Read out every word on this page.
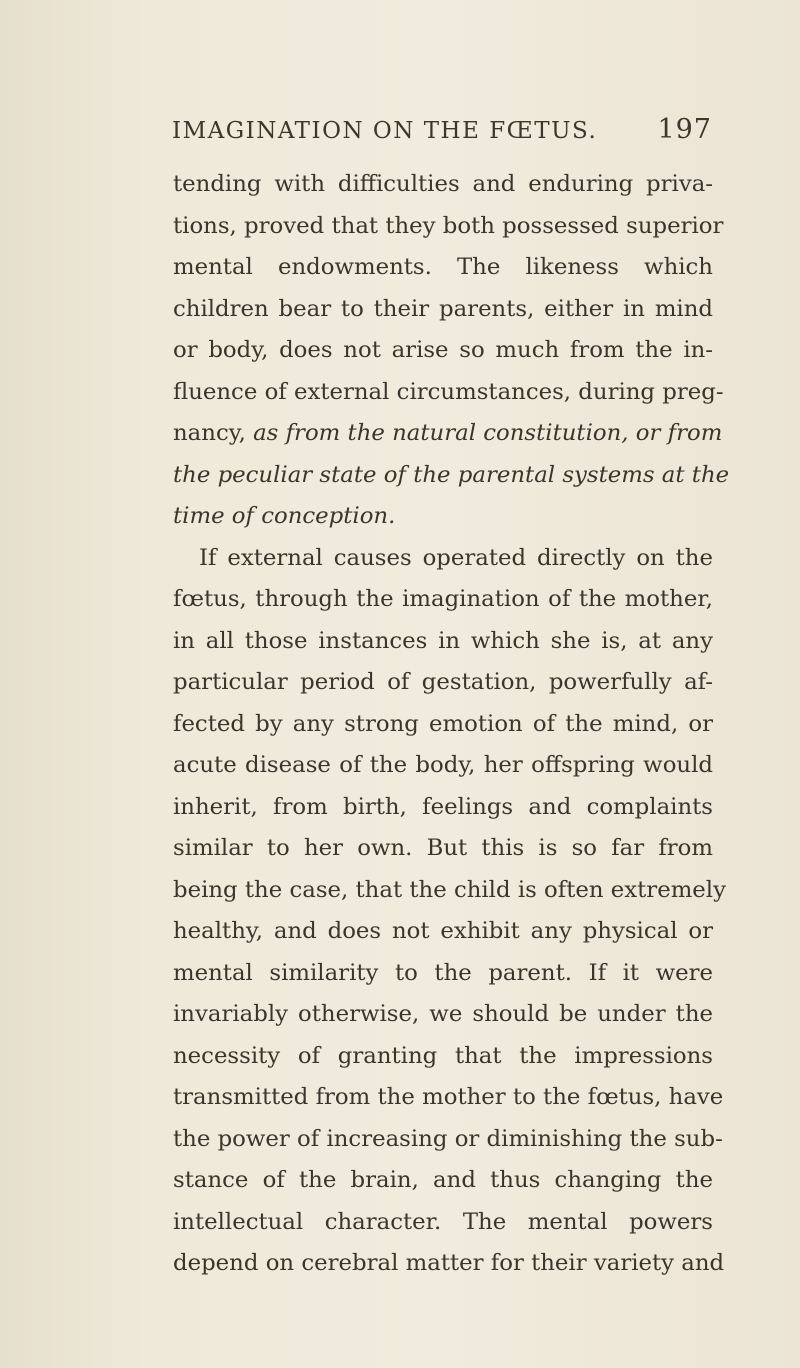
IMAGINATION ON THE FŒTUS. 197
tending with difficulties and enduring priva-
tions, proved that they both possessed superior
mental endowments. The likeness which
children bear to their parents, either in mind
or body, does not arise so much from the in-
fluence of external circumstances, during preg-
nancy, as from the natural constitution, or from
the peculiar state of the parental systems at the
time of conception.
If external causes operated directly on the
fœtus, through the imagination of the mother,
in all those instances in which she is, at any
particular period of gestation, powerfully af-
fected by any strong emotion of the mind, or
acute disease of the body, her offspring would
inherit, from birth, feelings and complaints
similar to her own. But this is so far from
being the case, that the child is often extremely
healthy, and does not exhibit any physical or
mental similarity to the parent. If it were
invariably otherwise, we should be under the
necessity of granting that the impressions
transmitted from the mother to the fœtus, have
the power of increasing or diminishing the sub-
stance of the brain, and thus changing the
intellectual character. The mental powers
depend on cerebral matter for their variety and
